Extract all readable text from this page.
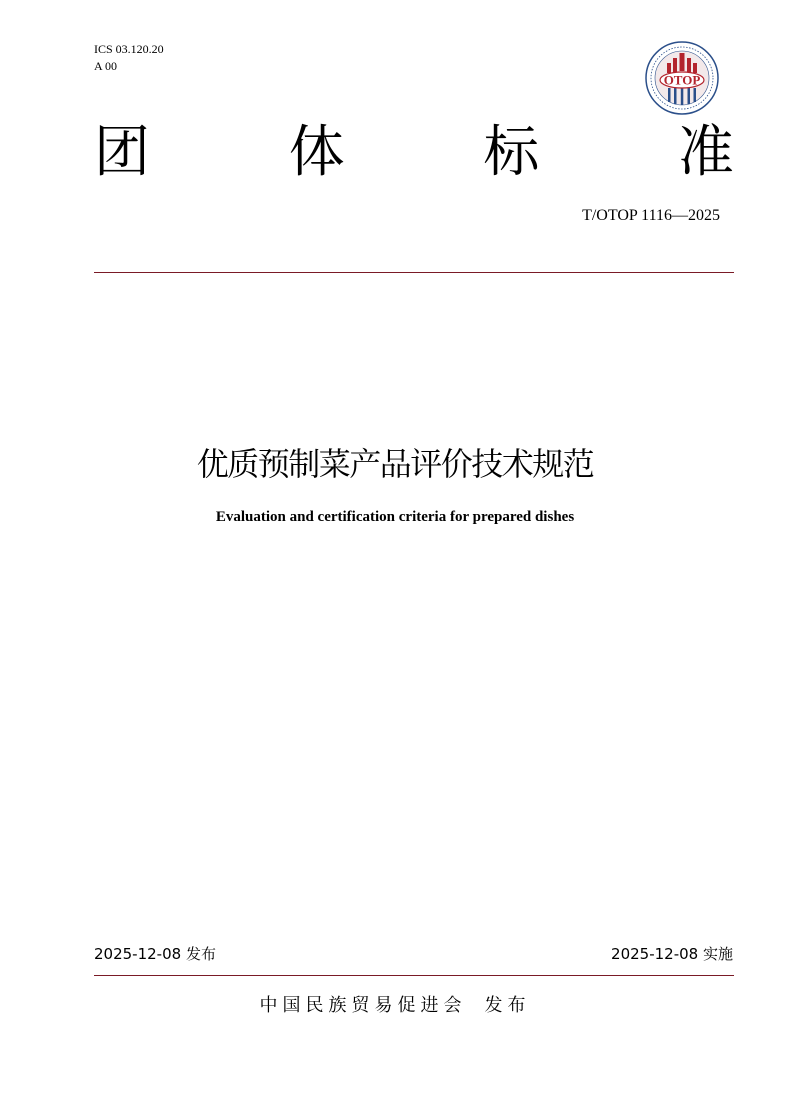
ICS 03.120.20
A 00
OTOP
团 体 标 准
T/OTOP 1116—2025
优质预制菜产品评价技术规范
Evaluation and certification criteria for prepared dishes
2025-12-08 发布	2025-12-08 实施
中国民族贸易促进会 发布
